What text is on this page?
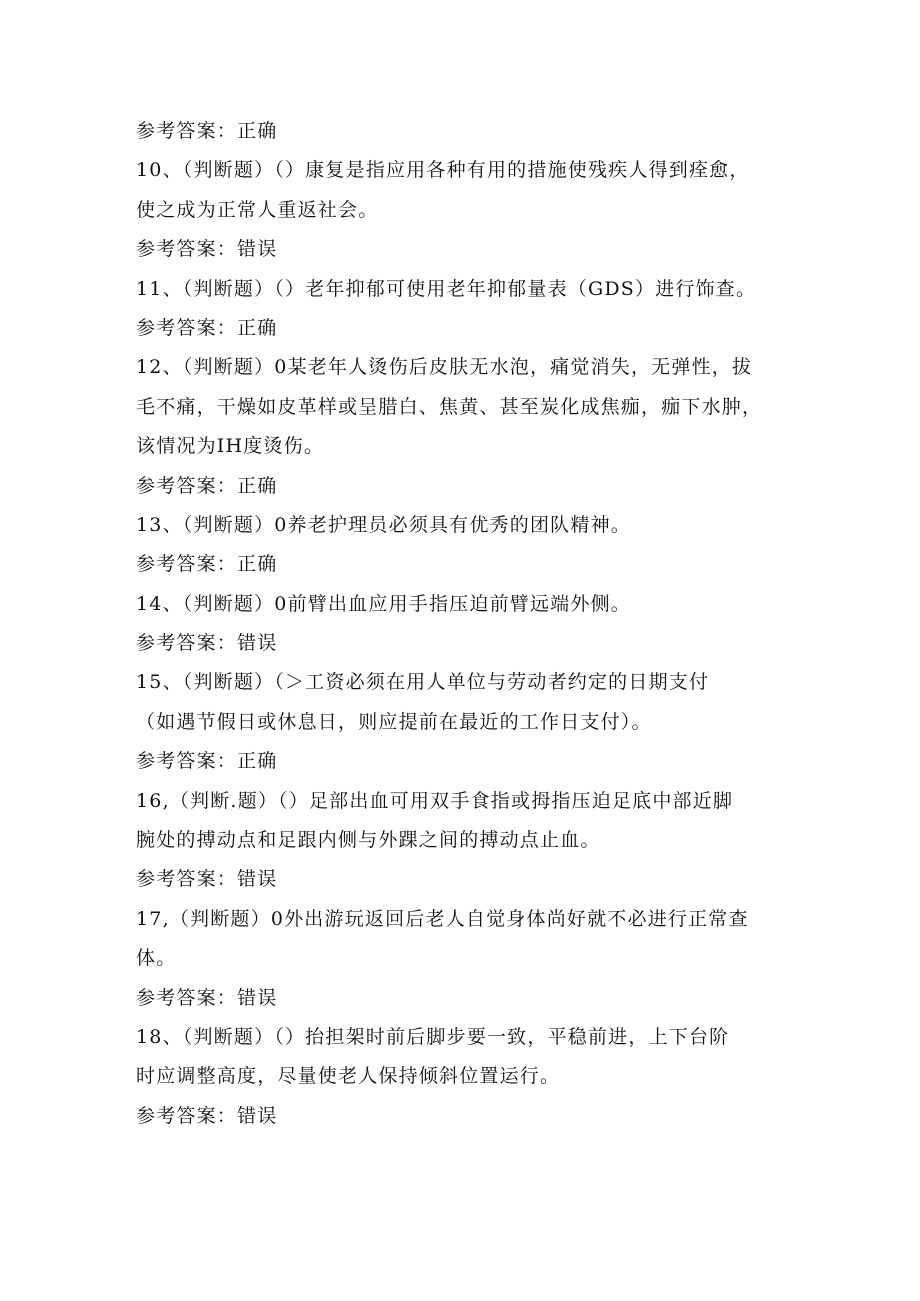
参考答案：正确
10、（判断题）（）康复是指应用各种有用的措施使残疾人得到痊愈，
使之成为正常人重返社会。
参考答案：错误
11、（判断题）（）老年抑郁可使用老年抑郁量表（GDS）进行饰查。
参考答案：正确
12、（判断题）0某老年人烫伤后皮肤无水泡，痛觉消失，无弹性，拔
毛不痛，干燥如皮革样或呈腊白、焦黄、甚至炭化成焦痂，痂下水肿，
该情况为IH度烫伤。
参考答案：正确
13、（判断题）0养老护理员必须具有优秀的团队精神。
参考答案：正确
14、（判断题）0前臂出血应用手指压迫前臂远端外侧。
参考答案：错误
15、（判断题）（＞工资必须在用人单位与劳动者约定的日期支付
（如遇节假日或休息日，则应提前在最近的工作日支付）。
参考答案：正确
16,（判断.题）（）足部出血可用双手食指或拇指压迫足底中部近脚
腕处的搏动点和足跟内侧与外踝之间的搏动点止血。
参考答案：错误
17,（判断题）0外出游玩返回后老人自觉身体尚好就不必进行正常查
体。
参考答案：错误
18、（判断题）（）抬担架时前后脚步要一致，平稳前进，上下台阶
时应调整高度，尽量使老人保持倾斜位置运行。
参考答案：错误
